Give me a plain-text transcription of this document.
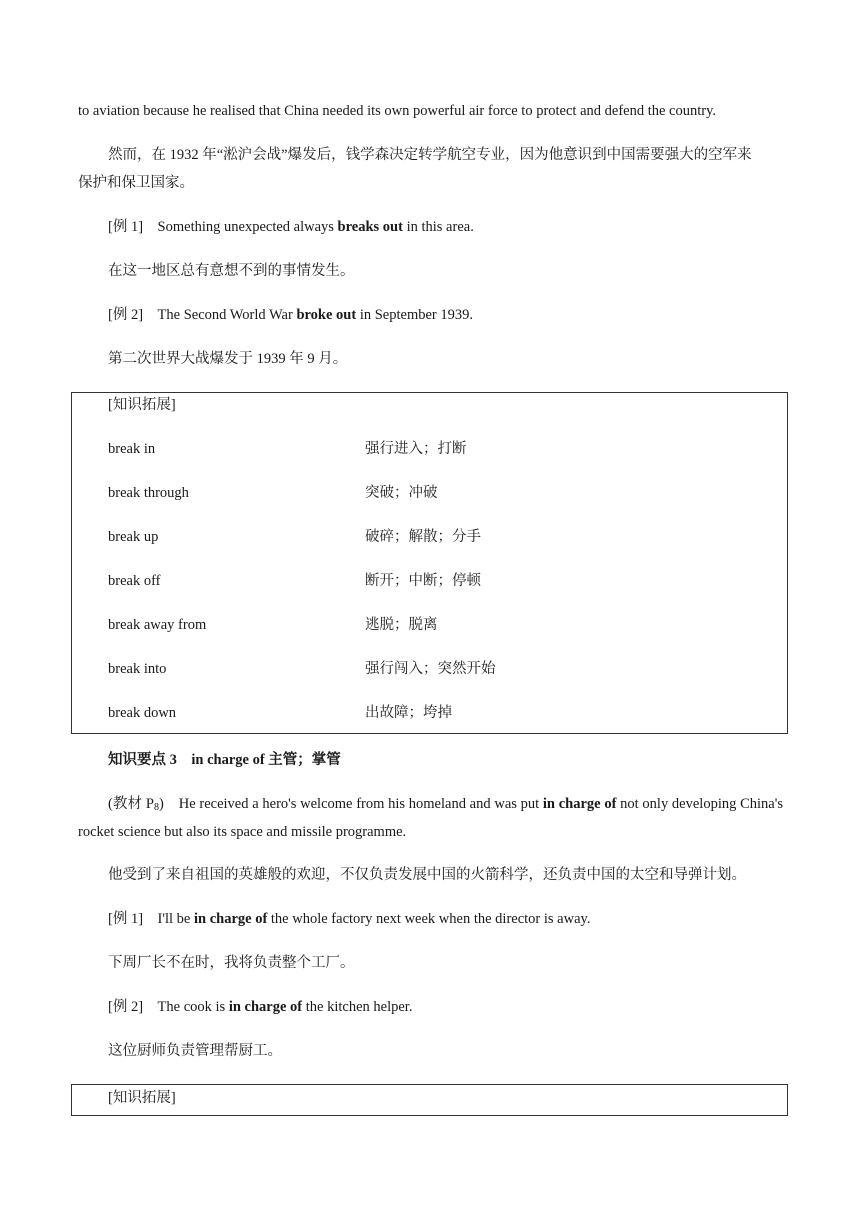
to aviation because he realised that China needed its own powerful air force to protect and defend the country.
然而，在 1932 年“淞沪会战”爆发后，钱学森决定转学航空专业，因为他意识到中国需要强大的空军来
保护和保卫国家。
[例 1] Something unexpected always breaks out in this area.
在这一地区总有意想不到的事情发生。
[例 2] The Second World War broke out in September 1939.
第二次世界大战爆发于 1939 年 9 月。
[知识拓展]
break in	强行进入；打断
break through	突破；冲破
break up	破碎；解散；分手
break off	断开；中断；停顿
break away from	逃脱；脱离
break into	强行闯入；突然开始
break down	出故障；垮掉
知识要点 3 in charge of 主管；掌管
(教材 $P_8$) He received a hero's welcome from his homeland and was put in charge of not only developing China's rocket science but also its space and missile programme.
他受到了来自祖国的英雄般的欢迎，不仅负责发展中国的火箭科学，还负责中国的太空和导弹计划。
[例 1] I'll be in charge of the whole factory next week when the director is away.
下周厂长不在时，我将负责整个工厂。
[例 2] The cook is in charge of the kitchen helper.
这位厨师负责管理帮厨工。
[知识拓展]
